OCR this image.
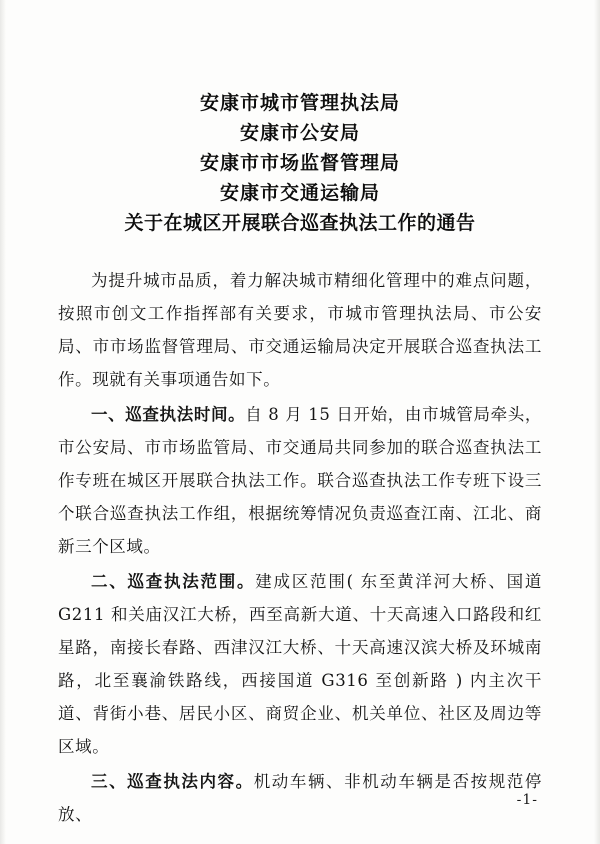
安康市城市管理执法局
安康市公安局
安康市市场监督管理局
安康市交通运输局
关于在城区开展联合巡查执法工作的通告

为提升城市品质，着力解决城市精细化管理中的难点问题，按照市创文工作指挥部有关要求，市城市管理执法局、市公安局、市市场监督管理局、市交通运输局决定开展联合巡查执法工作。现就有关事项通告如下。

一、巡查执法时间。自 8 月 15 日开始，由市城管局牵头，市公安局、市市场监管局、市交通局共同参加的联合巡查执法工作专班在城区开展联合执法工作。联合巡查执法工作专班下设三个联合巡查执法工作组，根据统筹情况负责巡查江南、江北、商新三个区域。

二、巡查执法范围。建成区范围( 东至黄洋河大桥、国道 G211 和关庙汉江大桥，西至高新大道、十天高速入口路段和红星路，南接长春路、西津汉江大桥、十天高速汉滨大桥及环城南路，北至襄渝铁路线，西接国道 G316 至创新路 ) 内主次干道、背街小巷、居民小区、商贸企业、机关单位、社区及周边等区域。

三、巡查执法内容。机动车辆、非机动车辆是否按规范停放、

-1-
